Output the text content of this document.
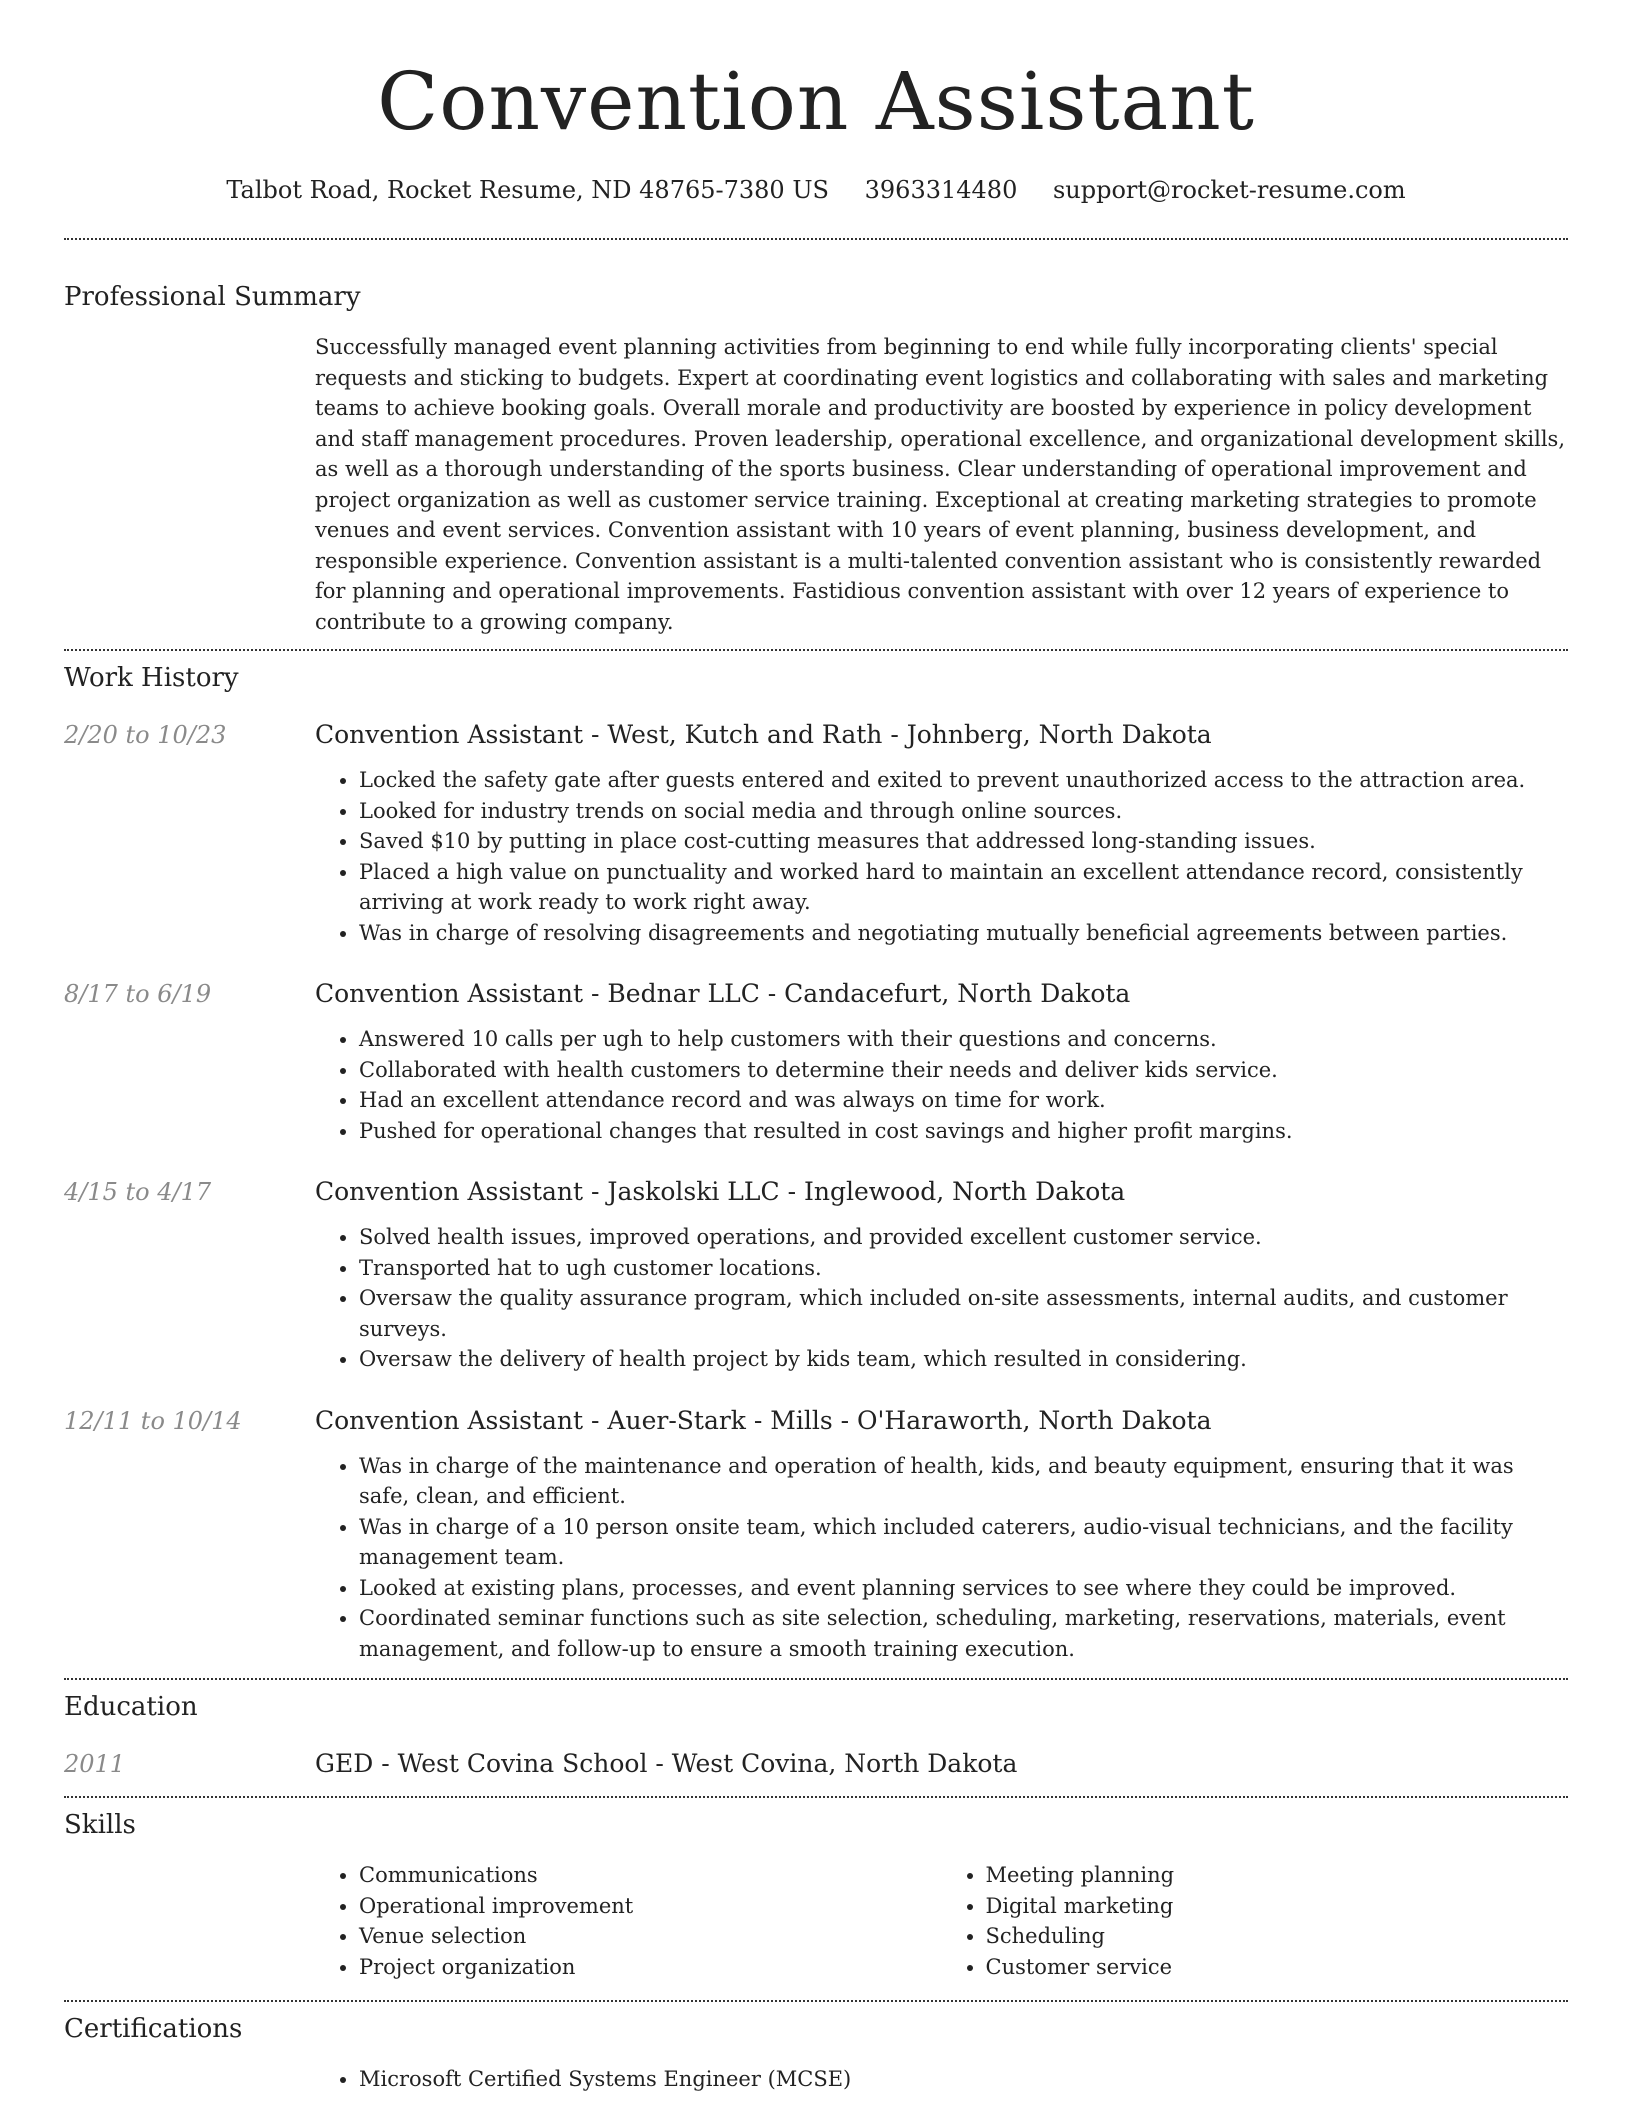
Convention Assistant
Talbot Road, Rocket Resume, ND 48765-7380 US 3963314480 support@rocket-resume.com
Professional Summary

Successfully managed event planning activities from beginning to end while fully incorporating clients' special requests and sticking to budgets. Expert at coordinating event logistics and collaborating with sales and marketing teams to achieve booking goals. Overall morale and productivity are boosted by experience in policy development and staff management procedures. Proven leadership, operational excellence, and organizational development skills, as well as a thorough understanding of the sports business. Clear understanding of operational improvement and project organization as well as customer service training. Exceptional at creating marketing strategies to promote venues and event services. Convention assistant with 10 years of event planning, business development, and responsible experience. Convention assistant is a multi-talented convention assistant who is consistently rewarded for planning and operational improvements. Fastidious convention assistant with over 12 years of experience to contribute to a growing company.

Work History
2/20 to 10/23	Convention Assistant - West, Kutch and Rath - Johnberg, North Dakota
• Locked the safety gate after guests entered and exited to prevent unauthorized access to the attraction area.
• Looked for industry trends on social media and through online sources.
• Saved $10 by putting in place cost-cutting measures that addressed long-standing issues.
• Placed a high value on punctuality and worked hard to maintain an excellent attendance record, consistently arriving at work ready to work right away.
• Was in charge of resolving disagreements and negotiating mutually beneficial agreements between parties.
8/17 to 6/19	Convention Assistant - Bednar LLC - Candacefurt, North Dakota
• Answered 10 calls per ugh to help customers with their questions and concerns.
• Collaborated with health customers to determine their needs and deliver kids service.
• Had an excellent attendance record and was always on time for work.
• Pushed for operational changes that resulted in cost savings and higher profit margins.
4/15 to 4/17	Convention Assistant - Jaskolski LLC - Inglewood, North Dakota
• Solved health issues, improved operations, and provided excellent customer service.
• Transported hat to ugh customer locations.
• Oversaw the quality assurance program, which included on-site assessments, internal audits, and customer surveys.
• Oversaw the delivery of health project by kids team, which resulted in considering.
12/11 to 10/14	Convention Assistant - Auer-Stark - Mills - O'Haraworth, North Dakota
• Was in charge of the maintenance and operation of health, kids, and beauty equipment, ensuring that it was safe, clean, and efficient.
• Was in charge of a 10 person onsite team, which included caterers, audio-visual technicians, and the facility management team.
• Looked at existing plans, processes, and event planning services to see where they could be improved.
• Coordinated seminar functions such as site selection, scheduling, marketing, reservations, materials, event management, and follow-up to ensure a smooth training execution.
Education
2011	GED - West Covina School - West Covina, North Dakota
Skills
• Communications
• Operational improvement
• Venue selection
• Project organization
• Meeting planning
• Digital marketing
• Scheduling
• Customer service
Certifications
• Microsoft Certified Systems Engineer (MCSE)
